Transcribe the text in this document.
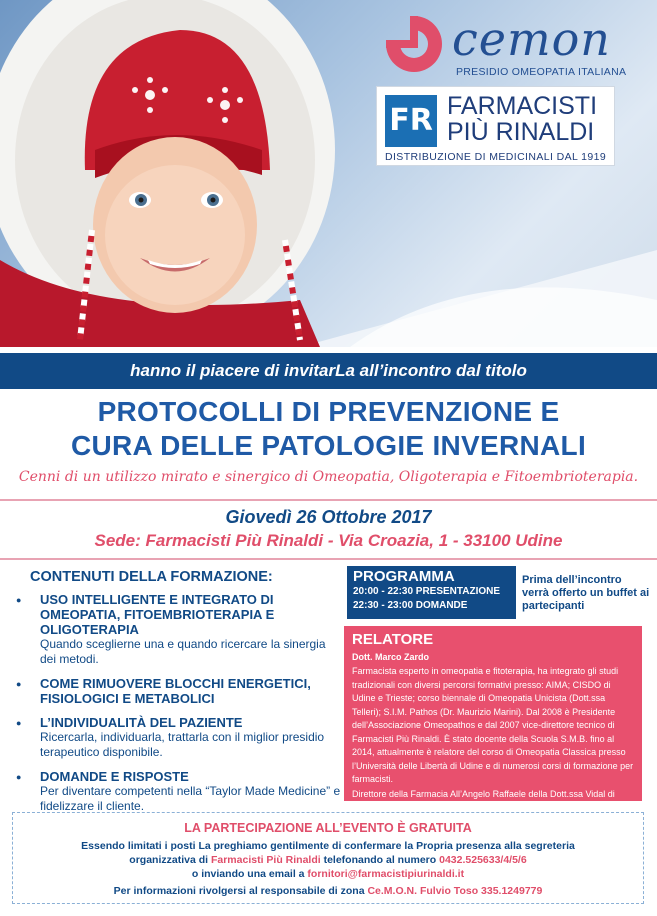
cemon
PRESIDIO OMEOPATIA ITALIANA
FR FARMACISTI
PIÙ RINALDI
DISTRIBUZIONE DI MEDICINALI DAL 1919
hanno il piacere di invitarLa all’incontro dal titolo
PROTOCOLLI DI PREVENZIONE E
CURA DELLE PATOLOGIE INVERNALI
Cenni di un utilizzo mirato e sinergico di Omeopatia, Oligoterapia e Fitoembrioterapia.
Giovedì 26 Ottobre 2017
Sede: Farmacisti Più Rinaldi - Via Croazia, 1 - 33100 Udine
CONTENUTI DELLA FORMAZIONE:
● USO INTELLIGENTE E INTEGRATO DI OMEOPATIA, FITOEMBRIOTERAPIA E OLIGOTERAPIA
Quando sceglierne una e quando ricercare la sinergia dei metodi.
● COME RIMUOVERE BLOCCHI ENERGETICI, FISIOLOGICI E METABOLICI
● L’INDIVIDUALITÀ DEL PAZIENTE
Ricercarla, individuarla, trattarla con il miglior presidio terapeutico disponibile.
● DOMANDE E RISPOSTE
Per diventare competenti nella “Taylor Made Medicine” e fidelizzare il cliente.
PROGRAMMA
20:00 - 22:30 PRESENTAZIONE
22:30 - 23:00 DOMANDE
Prima dell’incontro verrà offerto un buffet ai partecipanti
RELATORE
Dott. Marco Zardo
Farmacista esperto in omeopatia e fitoterapia, ha integrato gli studi tradizionali con diversi percorsi formativi presso: AIMA; CISDO di Udine e Trieste; corso biennale di Omeopatia Unicista (Dott.ssa Telleri); S.I.M. Pathos (Dr. Maurizio Marini). Dal 2008 è Presidente dell’Associazione Omeopathos e dal 2007 vice-direttore tecnico di Farmacisti Più Rinaldi. È stato docente della Scuola S.M.B. fino al 2014, attualmente è relatore del corso di Omeopatia Classica presso l’Università delle Libertà di Udine e di numerosi corsi di formazione per farmacisti.
Direttore della Farmacia All’Angelo Raffaele della Dott.ssa Vidal di Fagagna (UD).
LA PARTECIPAZIONE ALL’EVENTO È GRATUITA
Essendo limitati i posti La preghiamo gentilmente di confermare la Propria presenza alla segreteria
organizzativa di Farmacisti Più Rinaldi telefonando al numero 0432.525633/4/5/6
o inviando una email a fornitori@farmacistipiurinaldi.it
Per informazioni rivolgersi al responsabile di zona Ce.M.O.N. Fulvio Toso 335.1249779
